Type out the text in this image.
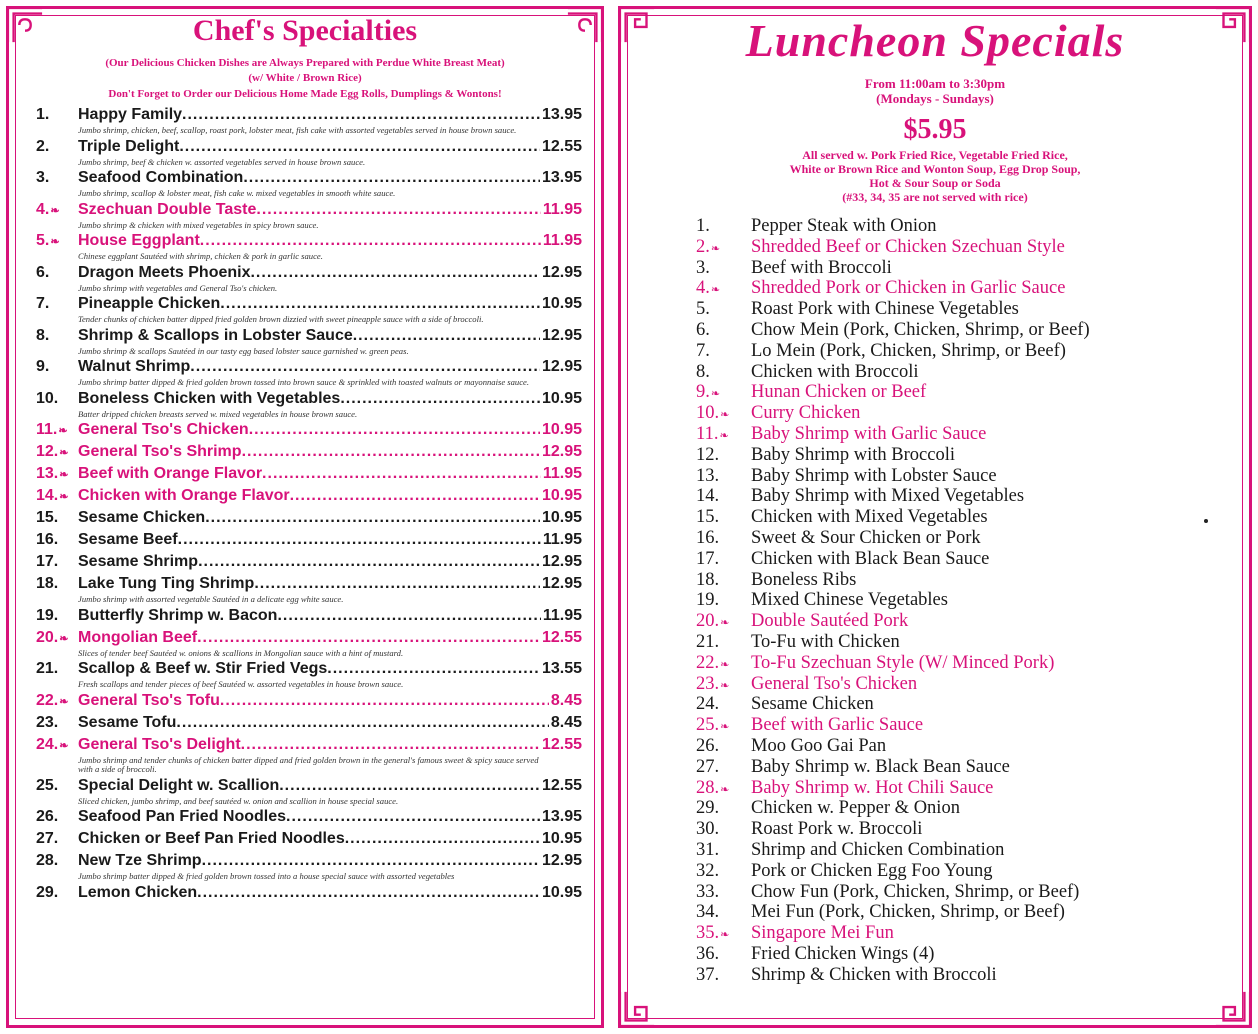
Chef's Specialties
(Our Delicious Chicken Dishes are Always Prepared with Perdue White Breast Meat)
(w/ White / Brown Rice)
Don't Forget to Order our Delicious Home Made Egg Rolls, Dumplings & Wontons!
1.	Happy Family .....	13.95
Jumbo shrimp, chicken, beef, scallop, roast pork, lobster meat, fish cake with assorted vegetables served in house brown sauce.
2.	Triple Delight .....	12.55
Jumbo shrimp, beef & chicken w. assorted vegetables served in house brown sauce.
3.	Seafood Combination .....	13.95
Jumbo shrimp, scallop & lobster meat, fish cake w. mixed vegetables in smooth white sauce.
4.❧	Szechuan Double Taste .....	11.95
Jumbo shrimp & chicken with mixed vegetables in spicy brown sauce.
5.❧	House Eggplant .....	11.95
Chinese eggplant Sautéed with shrimp, chicken & pork in garlic sauce.
6.	Dragon Meets Phoenix .....	12.95
Jumbo shrimp with vegetables and General Tso's chicken.
7.	Pineapple Chicken .....	10.95
Tender chunks of chicken batter dipped fried golden brown dizzied with sweet pineapple sauce with a side of broccoli.
8.	Shrimp & Scallops in Lobster Sauce .....	12.95
Jumbo shrimp & scallops Sautéed in our tasty egg based lobster sauce garnished w. green peas.
9.	Walnut Shrimp .....	12.95
Jumbo shrimp batter dipped & fried golden brown tossed into brown sauce & sprinkled with toasted walnuts or mayonnaise sauce.
10.	Boneless Chicken with Vegetables .....	10.95
Batter dripped chicken breasts served w. mixed vegetables in house brown sauce.
11.❧ General Tso's Chicken .....	10.95
12.❧ General Tso's Shrimp .....	12.95
13.❧ Beef with Orange Flavor .....	11.95
14.❧ Chicken with Orange Flavor .....	10.95
15.	Sesame Chicken .....	10.95
16.	Sesame Beef .....	11.95
17.	Sesame Shrimp .....	12.95
18.	Lake Tung Ting Shrimp .....	12.95
Jumbo shrimp with assorted vegetable Sautéed in a delicate egg white sauce.
19.	Butterfly Shrimp w. Bacon .....	11.95
20.❧ Mongolian Beef .....	12.55
Slices of tender beef Sautéed w. onions & scallions in Mongolian sauce with a hint of mustard.
21.	Scallop & Beef w. Stir Fried Vegs .....	13.55
Fresh scallops and tender pieces of beef Sautéed w. assorted vegetables in house brown sauce.
22.❧ General Tso's Tofu .....	8.45
23.	Sesame Tofu .....	8.45
24.❧ General Tso's Delight .....	12.55
Jumbo shrimp and tender chunks of chicken batter dipped and fried golden brown in the general's famous sweet & spicy sauce served with a side of broccoli.
25.	Special Delight w. Scallion .....	12.55
Sliced chicken, jumbo shrimp, and beef sautéed w. onion and scallion in house special sauce.
26.	Seafood Pan Fried Noodles .....	13.95
27.	Chicken or Beef Pan Fried Noodles .....	10.95
28.	New Tze Shrimp .....	12.95
Jumbo shrimp batter dipped & fried golden brown tossed into a house special sauce with assorted vegetables
29.	Lemon Chicken .....	10.95
Luncheon Specials
From 11:00am to 3:30pm
(Mondays - Sundays)
$5.95
All served w. Pork Fried Rice, Vegetable Fried Rice,
White or Brown Rice and Wonton Soup, Egg Drop Soup,
Hot & Sour Soup or Soda
(#33, 34, 35 are not served with rice)
1.	Pepper Steak with Onion
2.❧	Shredded Beef or Chicken Szechuan Style
3.	Beef with Broccoli
4.❧	Shredded Pork or Chicken in Garlic Sauce
5.	Roast Pork with Chinese Vegetables
6.	Chow Mein (Pork, Chicken, Shrimp, or Beef)
7.	Lo Mein (Pork, Chicken, Shrimp, or Beef)
8.	Chicken with Broccoli
9.❧	Hunan Chicken or Beef
10.❧	Curry Chicken
11.❧	Baby Shrimp with Garlic Sauce
12.	Baby Shrimp with Broccoli
13.	Baby Shrimp with Lobster Sauce
14.	Baby Shrimp with Mixed Vegetables
15.	Chicken with Mixed Vegetables
16.	Sweet & Sour Chicken or Pork
17.	Chicken with Black Bean Sauce
18.	Boneless Ribs
19.	Mixed Chinese Vegetables
20.❧	Double Sautéed Pork
21.	To-Fu with Chicken
22.❧	To-Fu Szechuan Style (W/ Minced Pork)
23.❧	General Tso's Chicken
24.	Sesame Chicken
25.❧	Beef with Garlic Sauce
26.	Moo Goo Gai Pan
27.	Baby Shrimp w. Black Bean Sauce
28.❧	Baby Shrimp w. Hot Chili Sauce
29.	Chicken w. Pepper & Onion
30.	Roast Pork w. Broccoli
31.	Shrimp and Chicken Combination
32.	Pork or Chicken Egg Foo Young
33.	Chow Fun (Pork, Chicken, Shrimp, or Beef)
34.	Mei Fun (Pork, Chicken, Shrimp, or Beef)
35.❧	Singapore Mei Fun
36.	Fried Chicken Wings (4)
37.	Shrimp & Chicken with Broccoli
